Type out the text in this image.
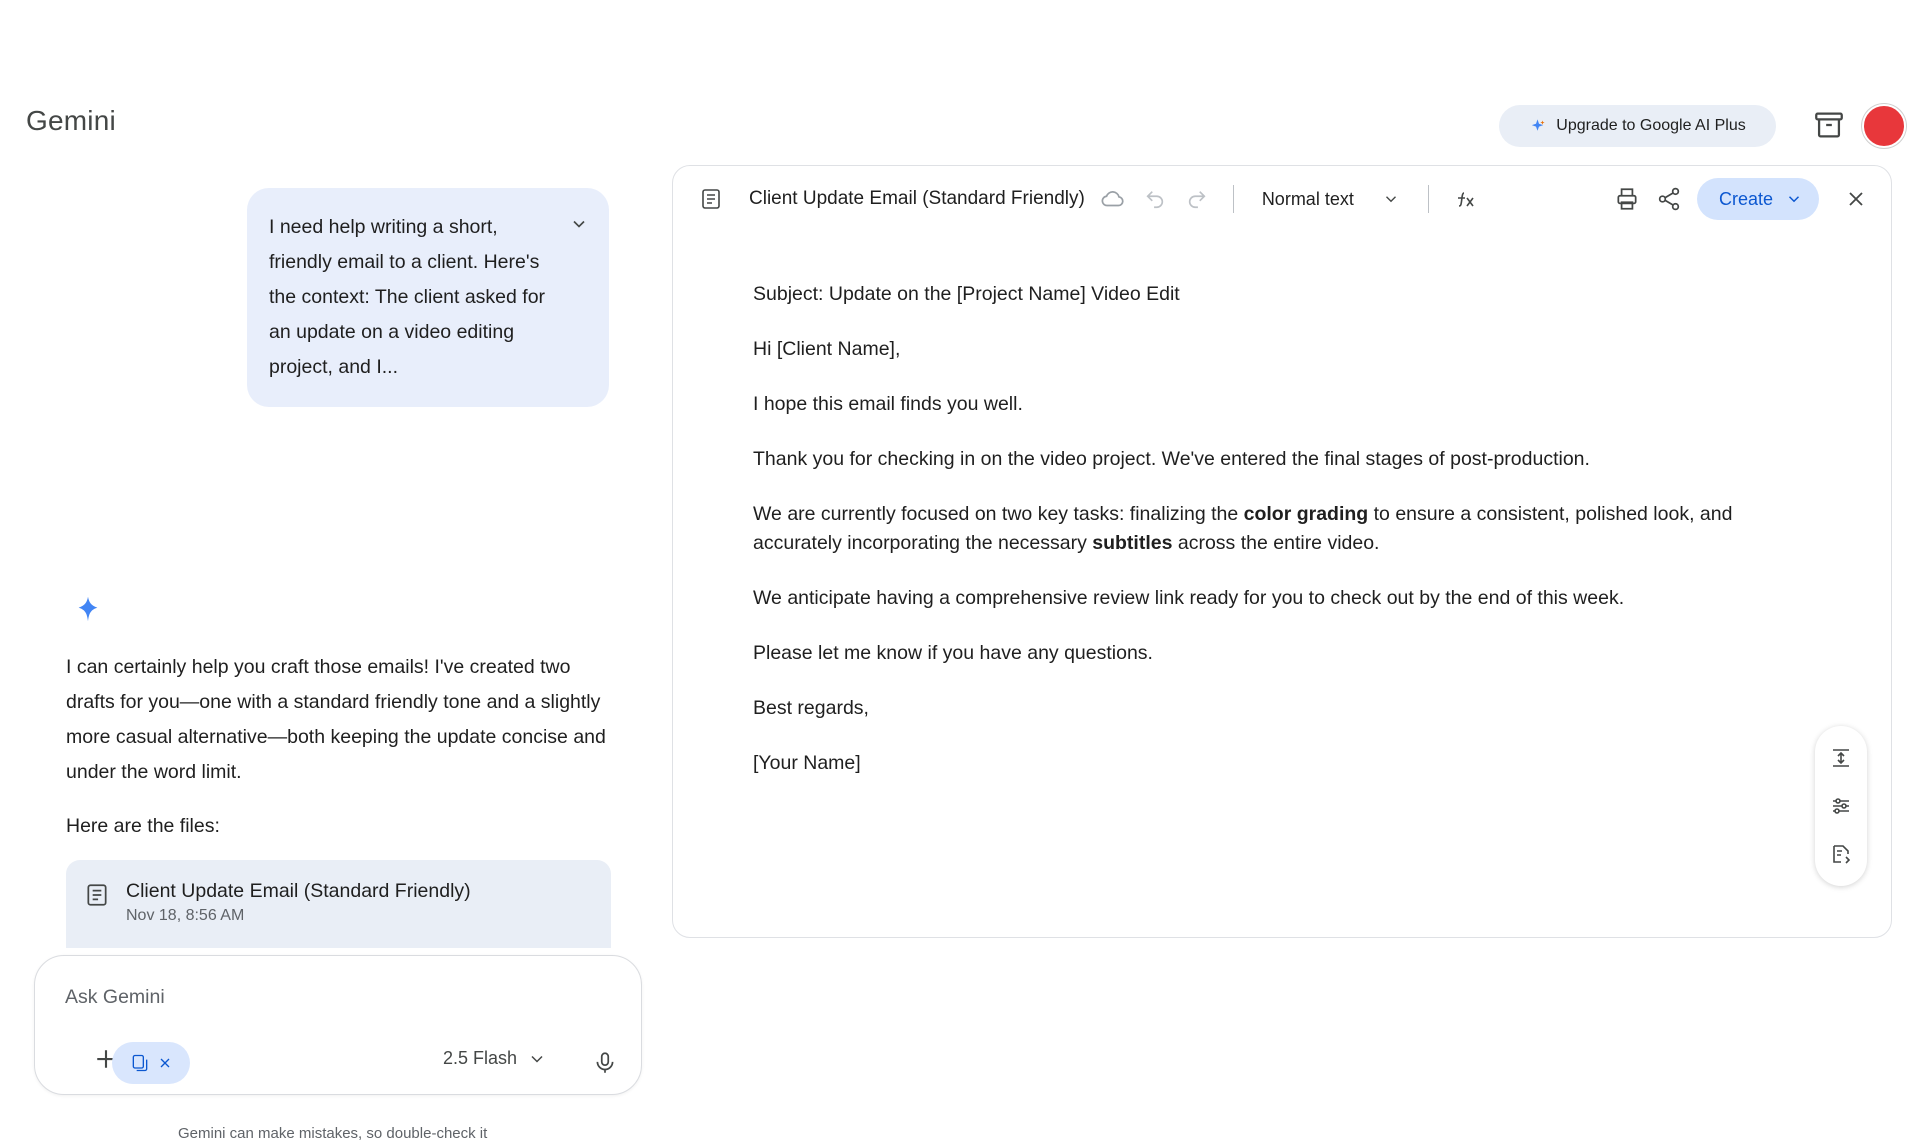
Gemini	Upgrade to Google AI Plus
I need help writing a short, friendly email to a client. Here's the context: The client asked for an update on a video editing project, and I...
I can certainly help you craft those emails! I've created two drafts for you—one with a standard friendly tone and a slightly more casual alternative—both keeping the update concise and under the word limit.
Here are the files:
Client Update Email (Standard Friendly)
Nov 18, 8:56 AM
Ask Gemini
2.5 Flash
Gemini can make mistakes, so double-check it
Client Update Email (Standard Friendly)	Normal text	Create

Subject: Update on the [Project Name] Video Edit

Hi [Client Name],

I hope this email finds you well.

Thank you for checking in on the video project. We've entered the final stages of post-production.

We are currently focused on two key tasks: finalizing the color grading to ensure a consistent, polished look, and accurately incorporating the necessary subtitles across the entire video.

We anticipate having a comprehensive review link ready for you to check out by the end of this week.

Please let me know if you have any questions.

Best regards,

[Your Name]
